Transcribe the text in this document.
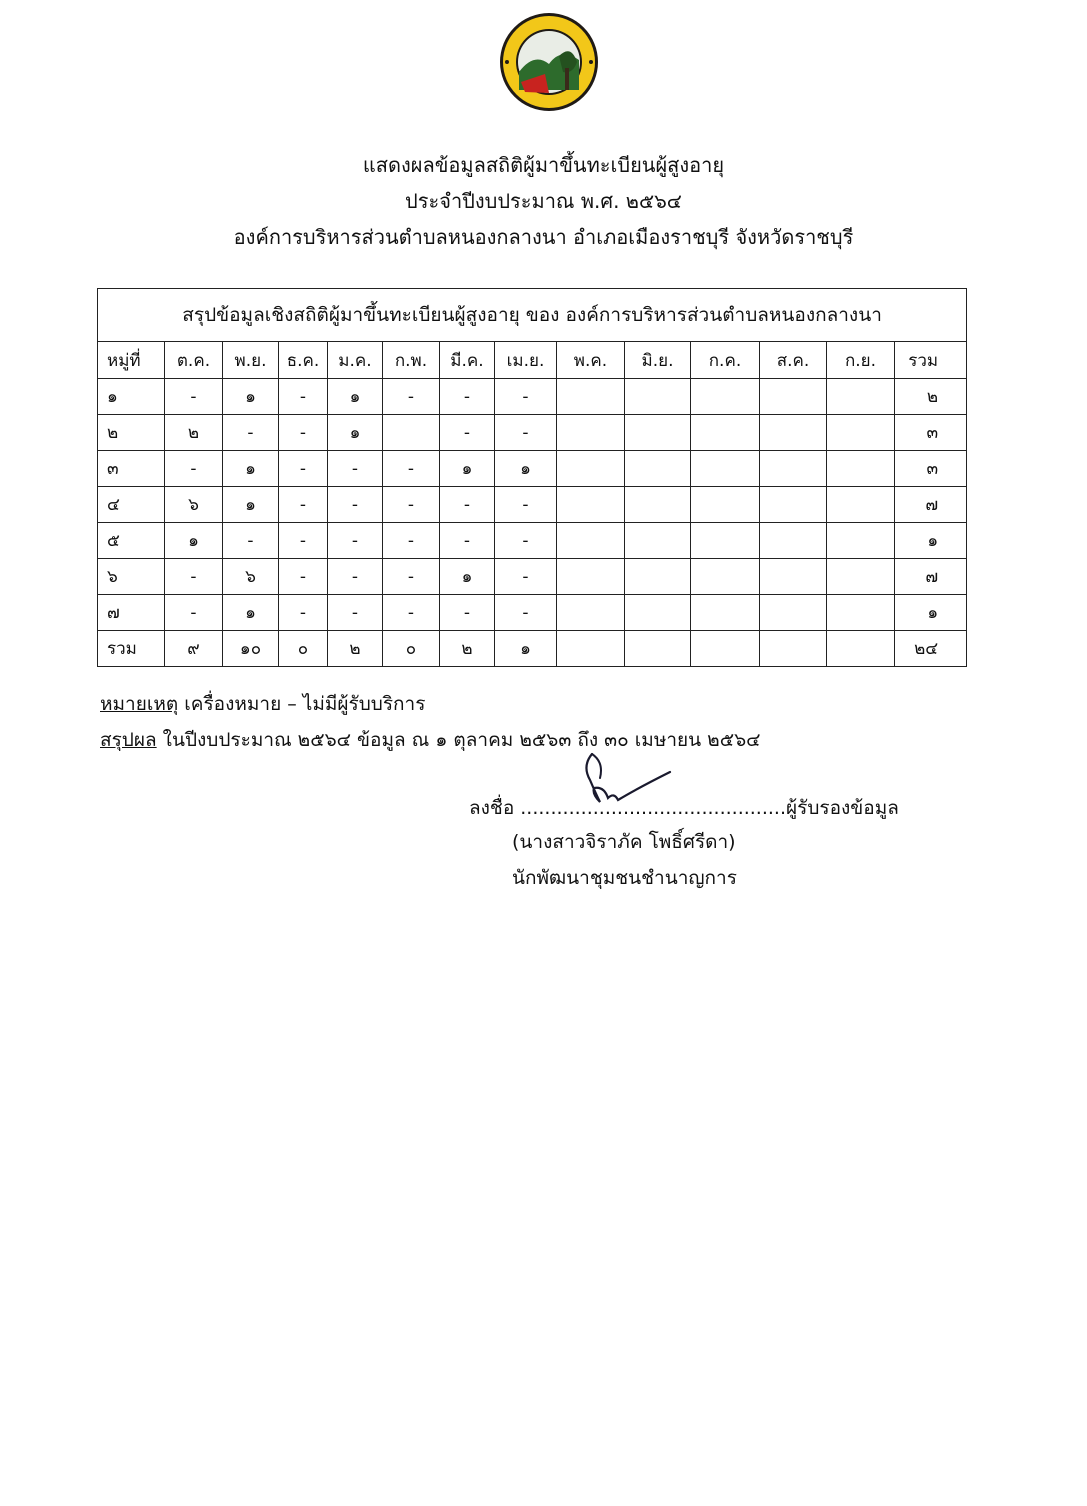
แสดงผลข้อมูลสถิติผู้มาขึ้นทะเบียนผู้สูงอายุ
ประจำปีงบประมาณ พ.ศ. ๒๕๖๔
องค์การบริหารส่วนตำบลหนองกลางนา อำเภอเมืองราชบุรี จังหวัดราชบุรี
สรุปข้อมูลเชิงสถิติผู้มาขึ้นทะเบียนผู้สูงอายุ ของ องค์การบริหารส่วนตำบลหนองกลางนา													
หมู่ที่	ต.ค.	พ.ย.	ธ.ค.	ม.ค.	ก.พ.	มี.ค.	เม.ย.	พ.ค.	มิ.ย.	ก.ค.	ส.ค.	ก.ย.	รวม
๑	-	๑	-	๑	-	-	-						๒
๒	๒	-	-	๑		-	-						๓
๓	-	๑	-	-	-	๑	๑						๓
๔	๖	๑	-	-	-	-	-						๗
๕	๑	-	-	-	-	-	-						๑
๖	-	๖	-	-	-	๑	-						๗
๗	-	๑	-	-	-	-	-						๑
รวม	๙	๑๐	๐	๒	๐	๒	๑						๒๔
หมายเหตุ เครื่องหมาย – ไม่มีผู้รับบริการ
สรุปผล ในปีงบประมาณ ๒๕๖๔ ข้อมูล ณ ๑ ตุลาคม ๒๕๖๓ ถึง ๓๐ เมษายน ๒๕๖๔
ลงชื่อ ............................................ผู้รับรองข้อมูล
(นางสาวจิราภัค โพธิ์ศรีดา)
นักพัฒนาชุมชนชำนาญการ
